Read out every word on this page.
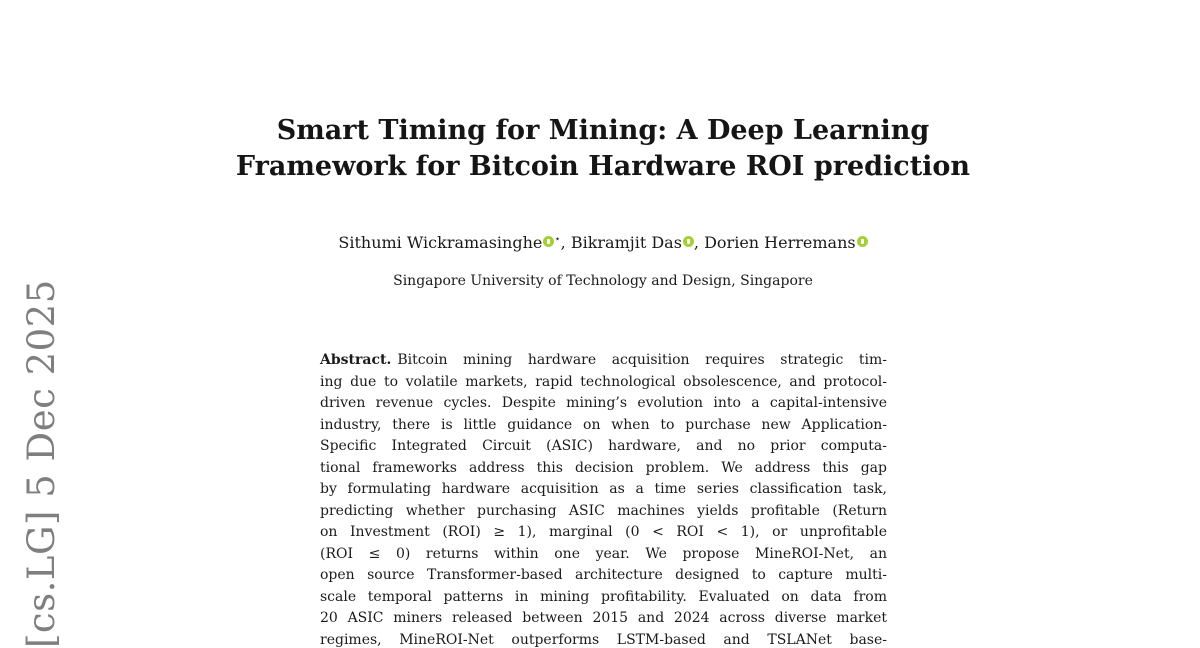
[cs.LG] 5 Dec 2025
Smart Timing for Mining: A Deep Learning
Framework for Bitcoin Hardware ROI prediction
Sithumi Wickramasinghe ⋆, Bikramjit Das , Dorien Herremans
Singapore University of Technology and Design, Singapore
Abstract. Bitcoin mining hardware acquisition requires strategic tim-
ing due to volatile markets, rapid technological obsolescence, and protocol-
driven revenue cycles. Despite mining’s evolution into a capital-intensive
industry, there is little guidance on when to purchase new Application-
Specific Integrated Circuit (ASIC) hardware, and no prior computa-
tional frameworks address this decision problem. We address this gap
by formulating hardware acquisition as a time series classification task,
predicting whether purchasing ASIC machines yields profitable (Return
on Investment (ROI) ≥ 1), marginal (0 < ROI < 1), or unprofitable
(ROI ≤ 0) returns within one year. We propose MineROI-Net, an
open source Transformer-based architecture designed to capture multi-
scale temporal patterns in mining profitability. Evaluated on data from
20 ASIC miners released between 2015 and 2024 across diverse market
regimes, MineROI-Net outperforms LSTM-based and TSLANet base-
